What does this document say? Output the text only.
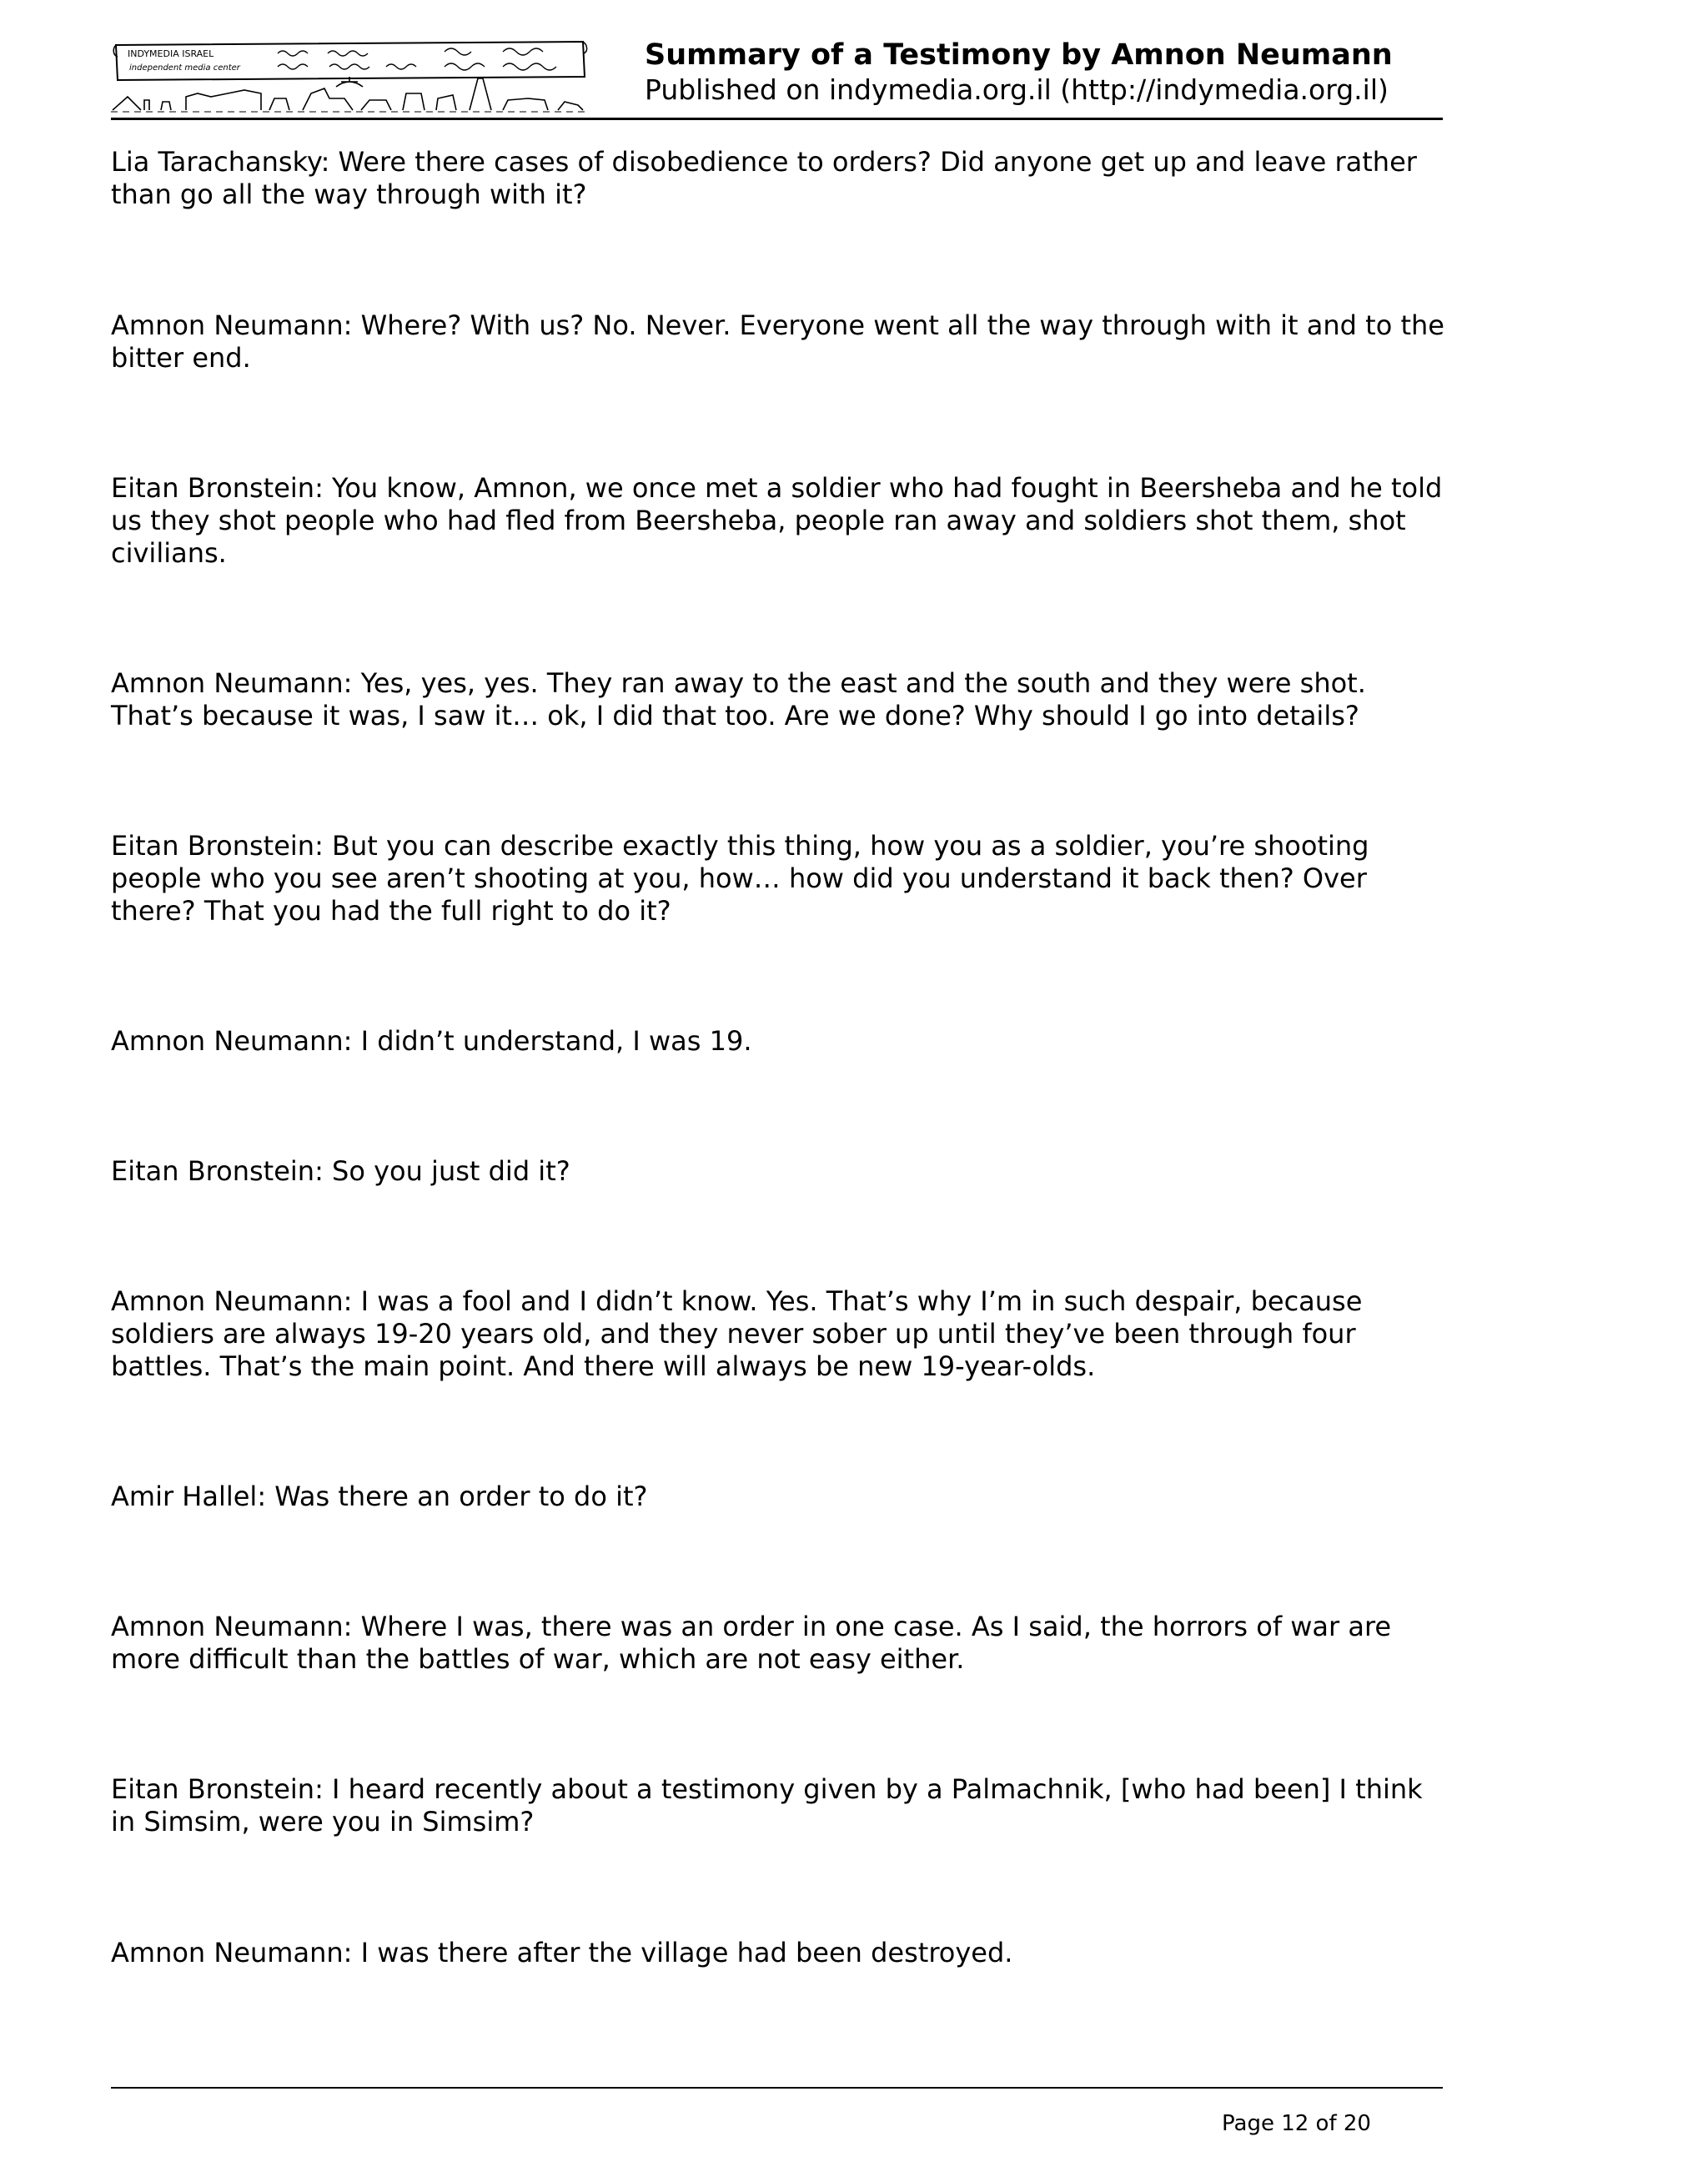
INDYMEDIA ISRAEL
independent media center	Summary of a Testimony by Amnon Neumann
Published on indymedia.org.il (http://indymedia.org.il)

Lia Tarachansky: Were there cases of disobedience to orders? Did anyone get up and leave rather than go all the way through with it?

Amnon Neumann: Where? With us? No. Never. Everyone went all the way through with it and to the bitter end.

Eitan Bronstein: You know, Amnon, we once met a soldier who had fought in Beersheba and he told us they shot people who had fled from Beersheba, people ran away and soldiers shot them, shot civilians.

Amnon Neumann: Yes, yes, yes. They ran away to the east and the south and they were shot. That’s because it was, I saw it… ok, I did that too. Are we done? Why should I go into details?

Eitan Bronstein: But you can describe exactly this thing, how you as a soldier, you’re shooting people who you see aren’t shooting at you, how… how did you understand it back then? Over there? That you had the full right to do it?

Amnon Neumann: I didn’t understand, I was 19.

Eitan Bronstein: So you just did it?

Amnon Neumann: I was a fool and I didn’t know. Yes. That’s why I’m in such despair, because soldiers are always 19-20 years old, and they never sober up until they’ve been through four battles. That’s the main point. And there will always be new 19-year-olds.

Amir Hallel: Was there an order to do it?

Amnon Neumann: Where I was, there was an order in one case. As I said, the horrors of war are more difficult than the battles of war, which are not easy either.

Eitan Bronstein: I heard recently about a testimony given by a Palmachnik, [who had been] I think in Simsim, were you in Simsim?

Amnon Neumann: I was there after the village had been destroyed.

Page 12 of 20
